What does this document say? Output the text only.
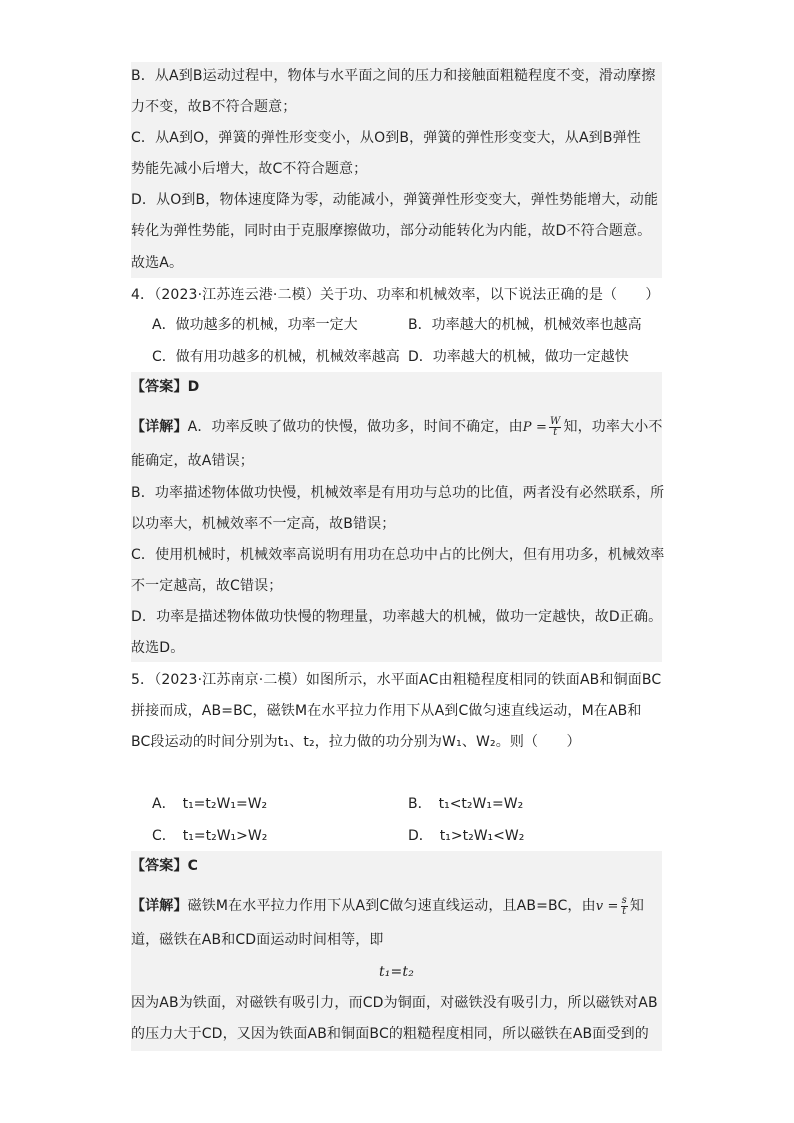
B．从A到B运动过程中，物体与水平面之间的压力和接触面粗糙程度不变，滑动摩擦
力不变，故B不符合题意；
C．从A到O，弹簧的弹性形变变小，从O到B，弹簧的弹性形变变大，从A到B弹性
势能先减小后增大，故C不符合题意；
D．从O到B，物体速度降为零，动能减小，弹簧弹性形变变大，弹性势能增大，动能
转化为弹性势能，同时由于克服摩擦做功，部分动能转化为内能，故D不符合题意。
故选A。
4．（2023·江苏连云港·二模）关于功、功率和机械效率，以下说法正确的是（　　）
A．做功越多的机械，功率一定大	B．功率越大的机械，机械效率也越高
C．做有用功越多的机械，机械效率越高 D．功率越大的机械，做功一定越快
【答案】D
【详解】A．功率反映了做功的快慢，做功多，时间不确定，由$P = \frac{W}{t}$ 知，功率大小不
能确定，故A错误；
B．功率描述物体做功快慢，机械效率是有用功与总功的比值，两者没有必然联系，所
以功率大，机械效率不一定高，故B错误；
C．使用机械时，机械效率高说明有用功在总功中占的比例大，但有用功多，机械效率
不一定越高，故C错误；
D．功率是描述物体做功快慢的物理量，功率越大的机械，做功一定越快，故D正确。
故选D。
5．（2023·江苏南京·二模）如图所示，水平面AC由粗糙程度相同的铁面AB和铜面BC
拼接而成，AB=BC，磁铁M在水平拉力作用下从A到C做匀速直线运动，M在AB和
BC段运动的时间分别为t₁、t₂，拉力做的功分别为W₁、W₂。则（　　）
A．　t₁=t₂W₁=W₂	B．　t₁<t₂W₁=W₂
C．　t₁=t₂W₁>W₂	D．　t₁>t₂W₁<W₂
【答案】C
【详解】磁铁M在水平拉力作用下从A到C做匀速直线运动，且AB=BC，由$v = \frac{s}{t}$ 知
道，磁铁在AB和CD面运动时间相等，即
t₁=t₂
因为AB为铁面，对磁铁有吸引力，而CD为铜面，对磁铁没有吸引力，所以磁铁对AB
的压力大于CD，又因为铁面AB和铜面BC的粗糙程度相同，所以磁铁在AB面受到的
